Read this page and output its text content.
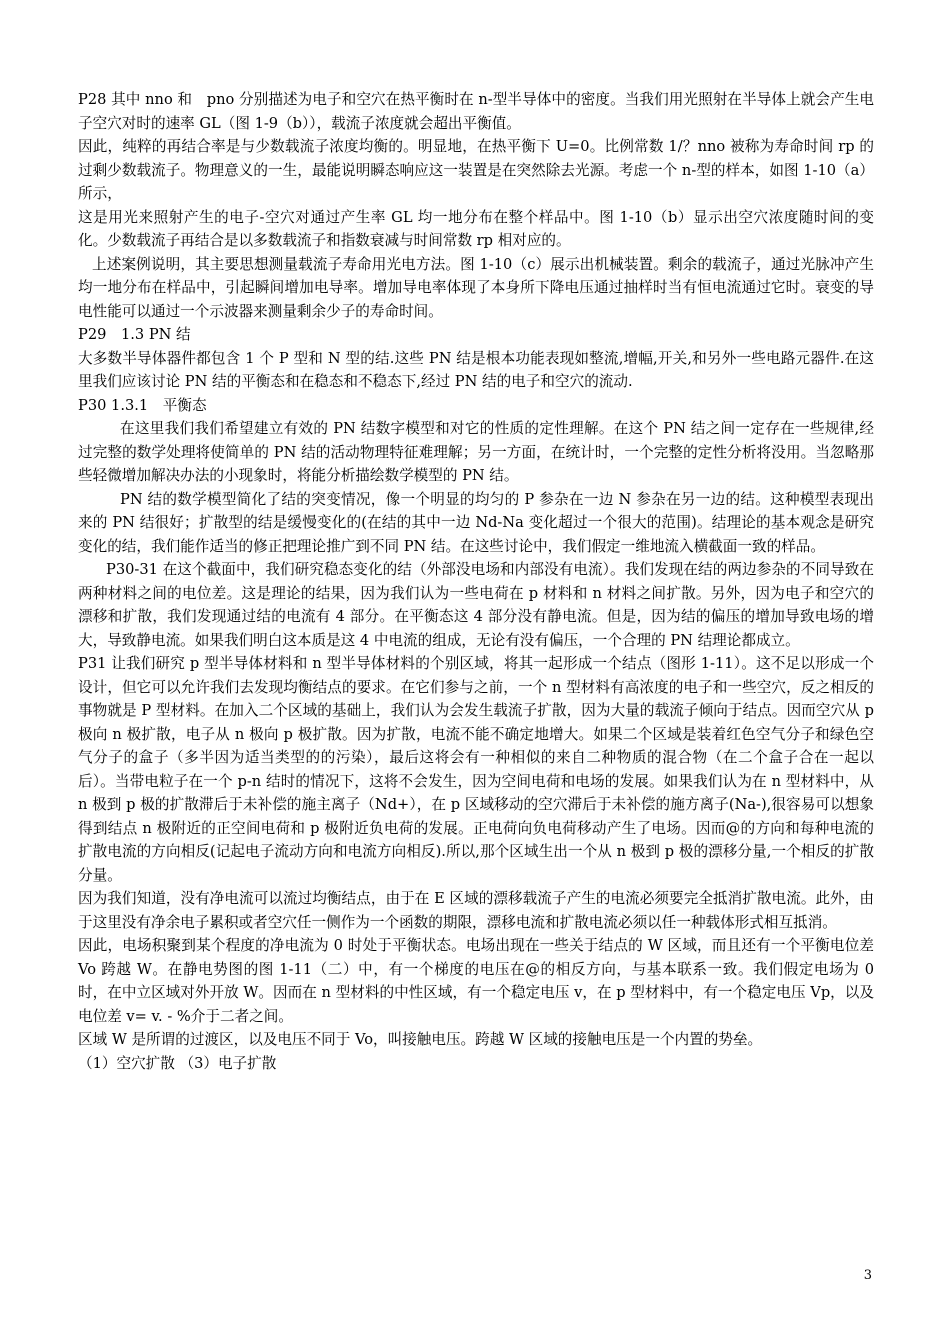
P28 其中 nno 和　pno 分别描述为电子和空穴在热平衡时在 n-型半导体中的密度。当我们用光照射在半导体上就会产生电子空穴对时的速率 GL（图 1-9（b）），载流子浓度就会超出平衡值。

因此，纯粹的再结合率是与少数载流子浓度均衡的。明显地，在热平衡下 U=0。比例常数 1/？nno 被称为寿命时间 rp 的过剩少数载流子。物理意义的一生，最能说明瞬态响应这一装置是在突然除去光源。考虑一个 n-型的样本，如图 1-10（a）所示，

这是用光来照射产生的电子-空穴对通过产生率 GL 均一地分布在整个样品中。图 1-10（b）显示出空穴浓度随时间的变化。少数载流子再结合是以多数载流子和指数衰减与时间常数 rp 相对应的。

上述案例说明，其主要思想测量载流子寿命用光电方法。图 1-10（c）展示出机械装置。剩余的载流子，通过光脉冲产生均一地分布在样品中，引起瞬间增加电导率。增加导电率体现了本身所下降电压通过抽样时当有恒电流通过它时。衰变的导电性能可以通过一个示波器来测量剩余少子的寿命时间。

P29　1.3 PN 结

大多数半导体器件都包含 1 个 P 型和 N 型的结.这些 PN 结是根本功能表现如整流,增幅,开关,和另外一些电路元器件.在这里我们应该讨论 PN 结的平衡态和在稳态和不稳态下,经过 PN 结的电子和空穴的流动.

P30 1.3.1　平衡态

在这里我们我们希望建立有效的 PN 结数字模型和对它的性质的定性理解。在这个 PN 结之间一定存在一些规律,经过完整的数学处理将使简单的 PN 结的活动物理特征难理解；另一方面，在统计时，一个完整的定性分析将没用。当忽略那些轻微增加解决办法的小现象时，将能分析描绘数学模型的 PN 结。

PN 结的数学模型简化了结的突变情况，像一个明显的均匀的 P 参杂在一边 N 参杂在另一边的结。这种模型表现出来的 PN 结很好；扩散型的结是缓慢变化的(在结的其中一边 Nd-Na 变化超过一个很大的范围)。结理论的基本观念是研究变化的结，我们能作适当的修正把理论推广到不同 PN 结。在这些讨论中，我们假定一维地流入横截面一致的样品。

P30-31 在这个截面中，我们研究稳态变化的结（外部没电场和内部没有电流）。我们发现在结的两边参杂的不同导致在两种材料之间的电位差。这是理论的结果，因为我们认为一些电荷在 p 材料和 n 材料之间扩散。另外，因为电子和空穴的漂移和扩散，我们发现通过结的电流有 4 部分。在平衡态这 4 部分没有静电流。但是，因为结的偏压的增加导致电场的增大，导致静电流。如果我们明白这本质是这 4 中电流的组成，无论有没有偏压，一个合理的 PN 结理论都成立。

P31 让我们研究 p 型半导体材料和 n 型半导体材料的个别区域，将其一起形成一个结点（图形 1-11）。这不足以形成一个设计，但它可以允许我们去发现均衡结点的要求。在它们参与之前，一个 n 型材料有高浓度的电子和一些空穴，反之相反的事物就是 P 型材料。在加入二个区域的基础上，我们认为会发生载流子扩散，因为大量的载流子倾向于结点。因而空穴从 p 极向 n 极扩散，电子从 n 极向 p 极扩散。因为扩散，电流不能不确定地增大。如果二个区域是装着红色空气分子和绿色空气分子的盒子（多半因为适当类型的的污染），最后这将会有一种相似的来自二种物质的混合物（在二个盒子合在一起以后）。当带电粒子在一个 p-n 结时的情况下，这将不会发生，因为空间电荷和电场的发展。如果我们认为在 n 型材料中，从 n 极到 p 极的扩散滞后于未补偿的施主离子（Nd+），在 p 区域移动的空穴滞后于未补偿的施方离子(Na-),很容易可以想象得到结点 n 极附近的正空间电荷和 p 极附近负电荷的发展。正电荷向负电荷移动产生了电场。因而@的方向和每种电流的扩散电流的方向相反(记起电子流动方向和电流方向相反).所以,那个区域生出一个从 n 极到 p 极的漂移分量,一个相反的扩散分量。

因为我们知道，没有净电流可以流过均衡结点，由于在 E 区域的漂移载流子产生的电流必须要完全抵消扩散电流。此外，由于这里没有净余电子累积或者空穴任一侧作为一个函数的期限，漂移电流和扩散电流必须以任一种载体形式相互抵消。

因此，电场积聚到某个程度的净电流为 0 时处于平衡状态。电场出现在一些关于结点的 W 区域，而且还有一个平衡电位差 Vo 跨越 W。在静电势图的图 1-11（二）中，有一个梯度的电压在@的相反方向，与基本联系一致。我们假定电场为 0 时，在中立区域对外开放 W。因而在 n 型材料的中性区域，有一个稳定电压 v，在 p 型材料中，有一个稳定电压 Vp，以及电位差 v= v. - %介于二者之间。

区域 W 是所谓的过渡区，以及电压不同于 Vo，叫接触电压。跨越 W 区域的接触电压是一个内置的势垒。

（1）空穴扩散 （3）电子扩散

3
